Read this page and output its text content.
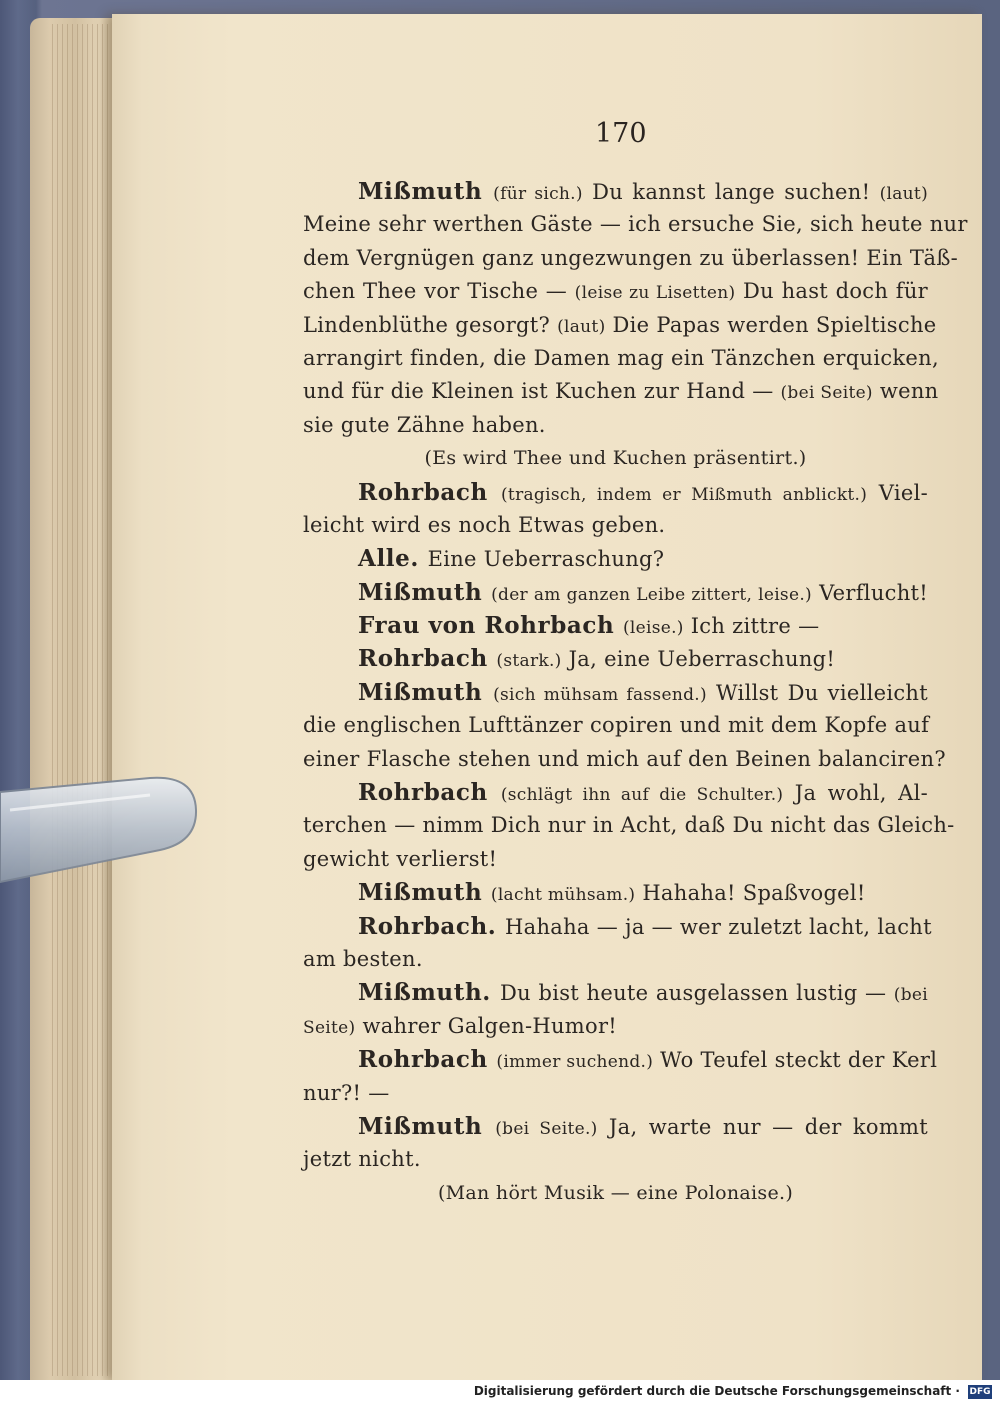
170
Mißmuth (für sich.) Du kannst lange suchen! (laut)
Meine sehr werthen Gäste — ich ersuche Sie, sich heute nur
dem Vergnügen ganz ungezwungen zu überlassen! Ein Täß-
chen Thee vor Tische — (leise zu Lisetten) Du hast doch für
Lindenblüthe gesorgt? (laut) Die Papas werden Spieltische
arrangirt finden, die Damen mag ein Tänzchen erquicken,
und für die Kleinen ist Kuchen zur Hand — (bei Seite) wenn
sie gute Zähne haben.
(Es wird Thee und Kuchen präsentirt.)
Rohrbach (tragisch, indem er Mißmuth anblickt.) Viel-
leicht wird es noch Etwas geben.
Alle. Eine Ueberraschung?
Mißmuth (der am ganzen Leibe zittert, leise.) Verflucht!
Frau von Rohrbach (leise.) Ich zittre —
Rohrbach (stark.) Ja, eine Ueberraschung!
Mißmuth (sich mühsam fassend.) Willst Du vielleicht
die englischen Lufttänzer copiren und mit dem Kopfe auf
einer Flasche stehen und mich auf den Beinen balanciren?
Rohrbach (schlägt ihn auf die Schulter.) Ja wohl, Al-
terchen — nimm Dich nur in Acht, daß Du nicht das Gleich-
gewicht verlierst!
Mißmuth (lacht mühsam.) Hahaha! Spaßvogel!
Rohrbach. Hahaha — ja — wer zuletzt lacht, lacht
am besten.
Mißmuth. Du bist heute ausgelassen lustig — (bei
Seite) wahrer Galgen-Humor!
Rohrbach (immer suchend.) Wo Teufel steckt der Kerl
nur?! —
Mißmuth (bei Seite.) Ja, warte nur — der kommt
jetzt nicht.
(Man hört Musik — eine Polonaise.)
Digitalisierung gefördert durch die Deutsche Forschungsgemeinschaft · DFG
